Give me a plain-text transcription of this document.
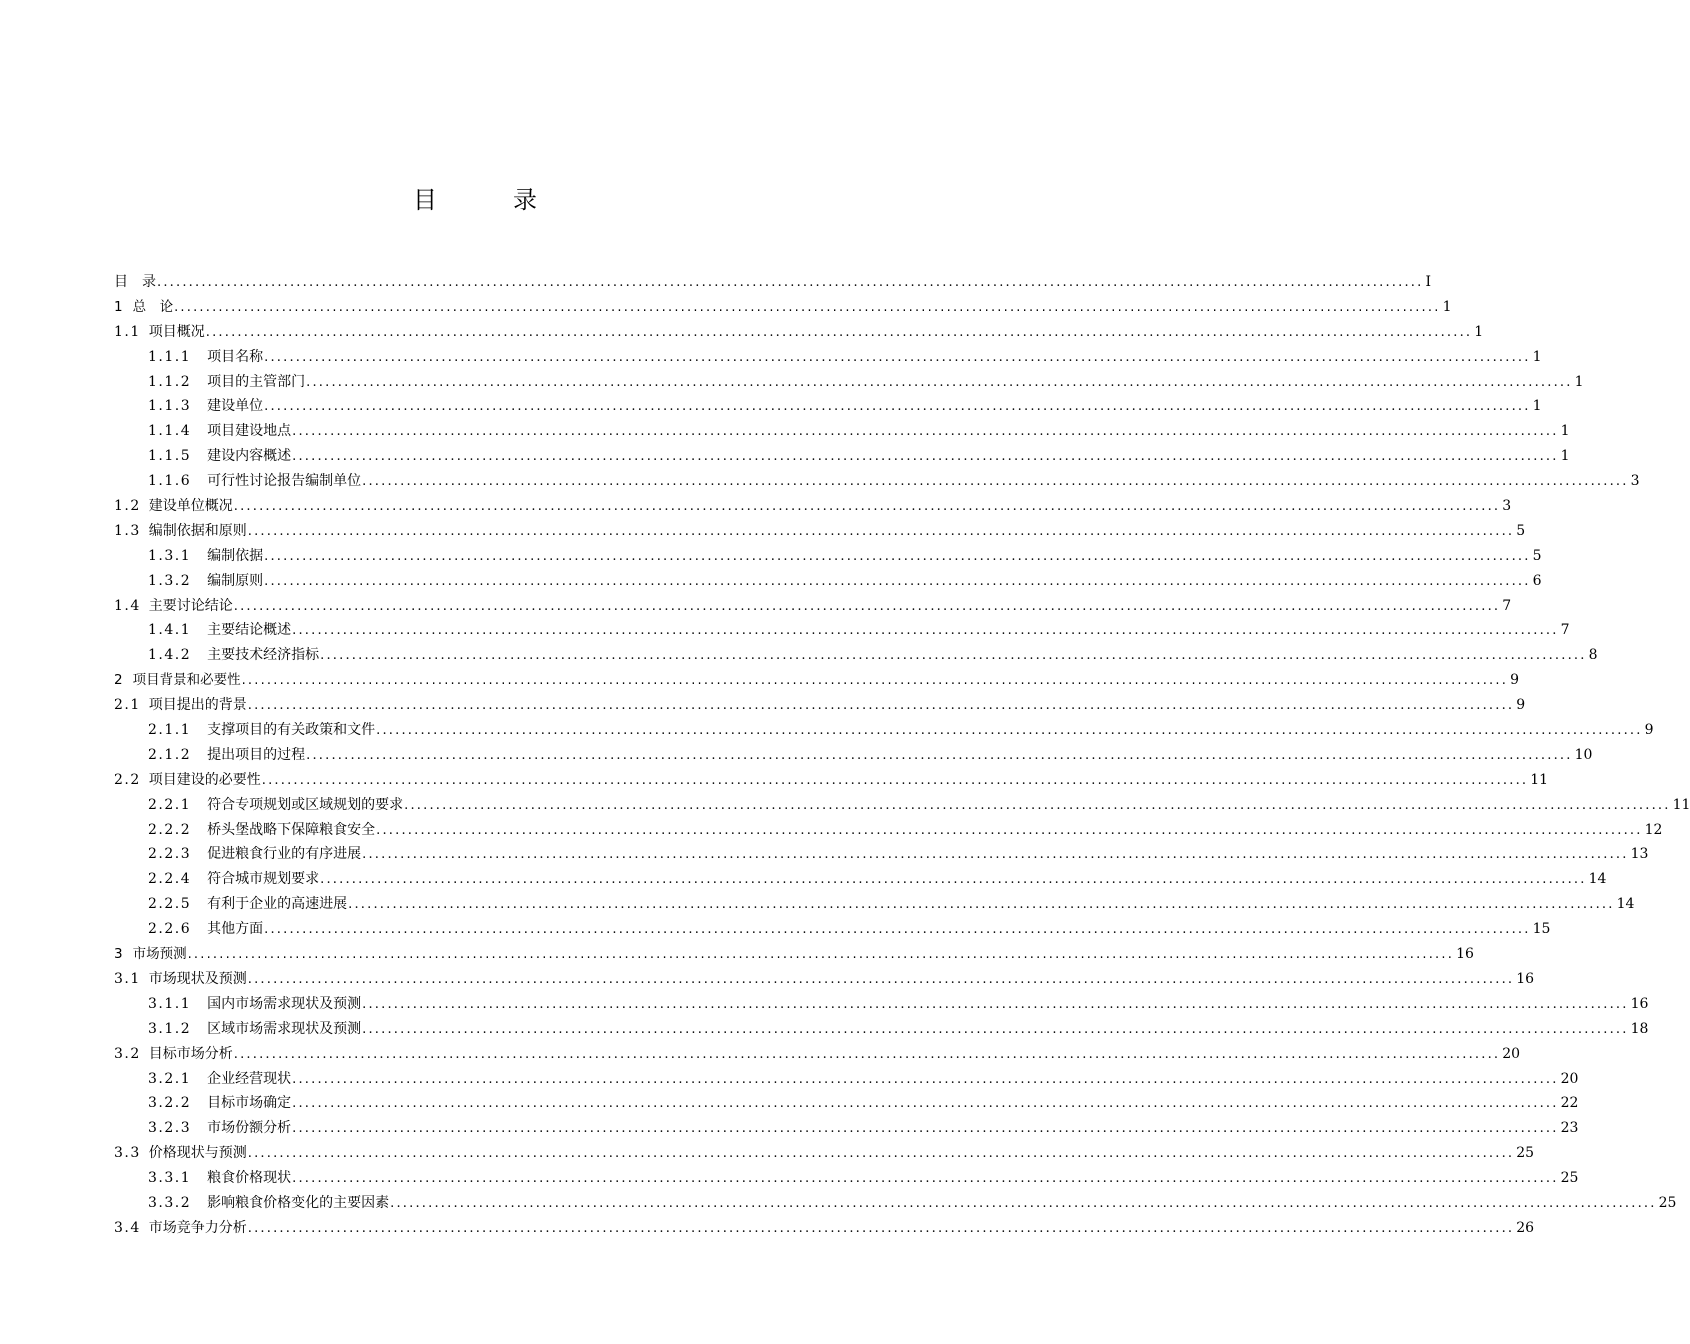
目　录
目　录 ........................................................................................................................................................................................................ I
1 总　论 ........................................................................................................................................................................................................ 1
1.1 项目概况 ........................................................................................................................................................................................................ 1
1.1.1 项目名称 ........................................................................................................................................................................................................ 1
1.1.2 项目的主管部门 ........................................................................................................................................................................................................ 1
1.1.3 建设单位 ........................................................................................................................................................................................................ 1
1.1.4 项目建设地点 ........................................................................................................................................................................................................ 1
1.1.5 建设内容概述 ........................................................................................................................................................................................................ 1
1.1.6 可行性讨论报告编制单位 ........................................................................................................................................................................................................ 3
1.2 建设单位概况 ........................................................................................................................................................................................................ 3
1.3 编制依据和原则 ........................................................................................................................................................................................................ 5
1.3.1 编制依据 ........................................................................................................................................................................................................ 5
1.3.2 编制原则 ........................................................................................................................................................................................................ 6
1.4 主要讨论结论 ........................................................................................................................................................................................................ 7
1.4.1 主要结论概述 ........................................................................................................................................................................................................ 7
1.4.2 主要技术经济指标 ........................................................................................................................................................................................................ 8
2 项目背景和必要性 ........................................................................................................................................................................................................ 9
2.1 项目提出的背景 ........................................................................................................................................................................................................ 9
2.1.1 支撑项目的有关政策和文件 ........................................................................................................................................................................................................ 9
2.1.2 提出项目的过程 ........................................................................................................................................................................................................ 10
2.2 项目建设的必要性 ........................................................................................................................................................................................................ 11
2.2.1 符合专项规划或区域规划的要求 ........................................................................................................................................................................................................ 11
2.2.2 桥头堡战略下保障粮食安全 ........................................................................................................................................................................................................ 12
2.2.3 促进粮食行业的有序进展 ........................................................................................................................................................................................................ 13
2.2.4 符合城市规划要求 ........................................................................................................................................................................................................ 14
2.2.5 有利于企业的高速进展 ........................................................................................................................................................................................................ 14
2.2.6 其他方面 ........................................................................................................................................................................................................ 15
3 市场预测 ........................................................................................................................................................................................................ 16
3.1 市场现状及预测 ........................................................................................................................................................................................................ 16
3.1.1 国内市场需求现状及预测 ........................................................................................................................................................................................................ 16
3.1.2 区域市场需求现状及预测 ........................................................................................................................................................................................................ 18
3.2 目标市场分析 ........................................................................................................................................................................................................ 20
3.2.1 企业经营现状 ........................................................................................................................................................................................................ 20
3.2.2 目标市场确定 ........................................................................................................................................................................................................ 22
3.2.3 市场份额分析 ........................................................................................................................................................................................................ 23
3.3 价格现状与预测 ........................................................................................................................................................................................................ 25
3.3.1 粮食价格现状 ........................................................................................................................................................................................................ 25
3.3.2 影响粮食价格变化的主要因素 ........................................................................................................................................................................................................ 25
3.4 市场竞争力分析 ........................................................................................................................................................................................................ 26
